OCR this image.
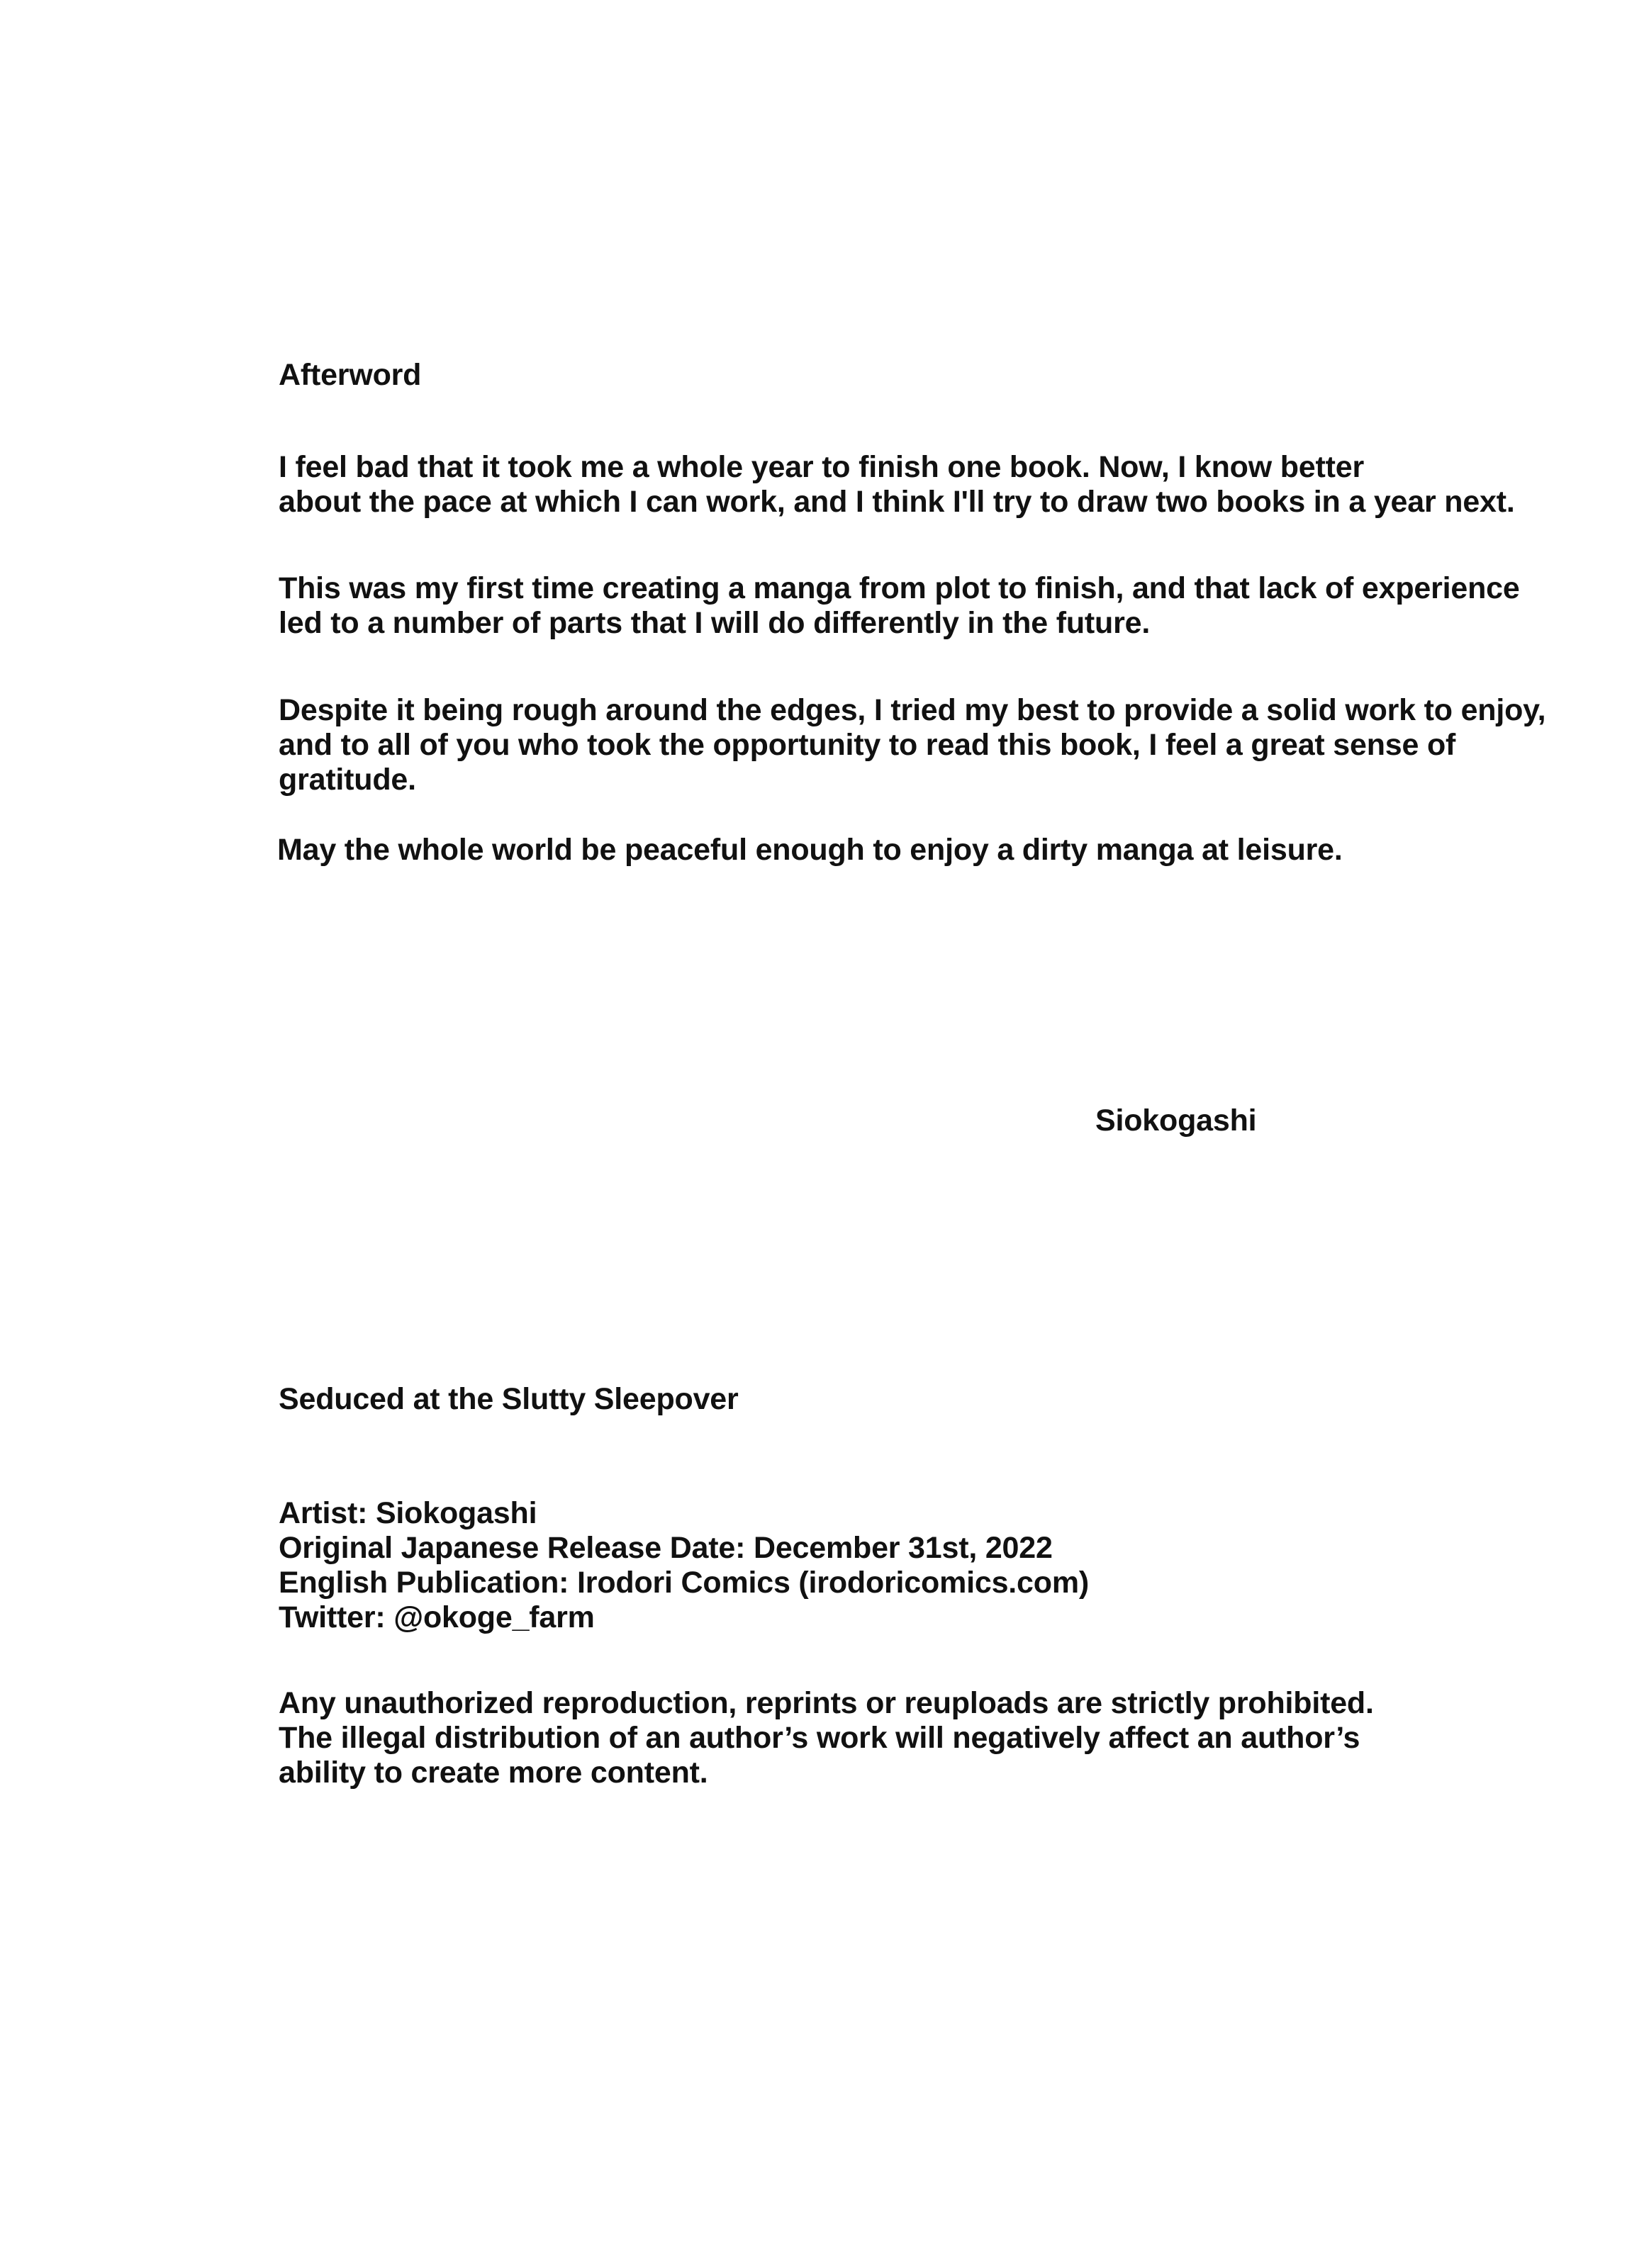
Afterword
I feel bad that it took me a whole year to finish one book. Now, I know better
about the pace at which I can work, and I think I'll try to draw two books in a year next.
This was my first time creating a manga from plot to finish, and that lack of experience
led to a number of parts that I will do differently in the future.
Despite it being rough around the edges, I tried my best to provide a solid work to enjoy,
and to all of you who took the opportunity to read this book, I feel a great sense of
gratitude.
May the whole world be peaceful enough to enjoy a dirty manga at leisure.
Siokogashi
Seduced at the Slutty Sleepover
Artist: Siokogashi
Original Japanese Release Date: December 31st, 2022
English Publication: Irodori Comics (irodoricomics.com)
Twitter: @okoge_farm
Any unauthorized reproduction, reprints or reuploads are strictly prohibited.
The illegal distribution of an author’s work will negatively affect an author’s
ability to create more content.
